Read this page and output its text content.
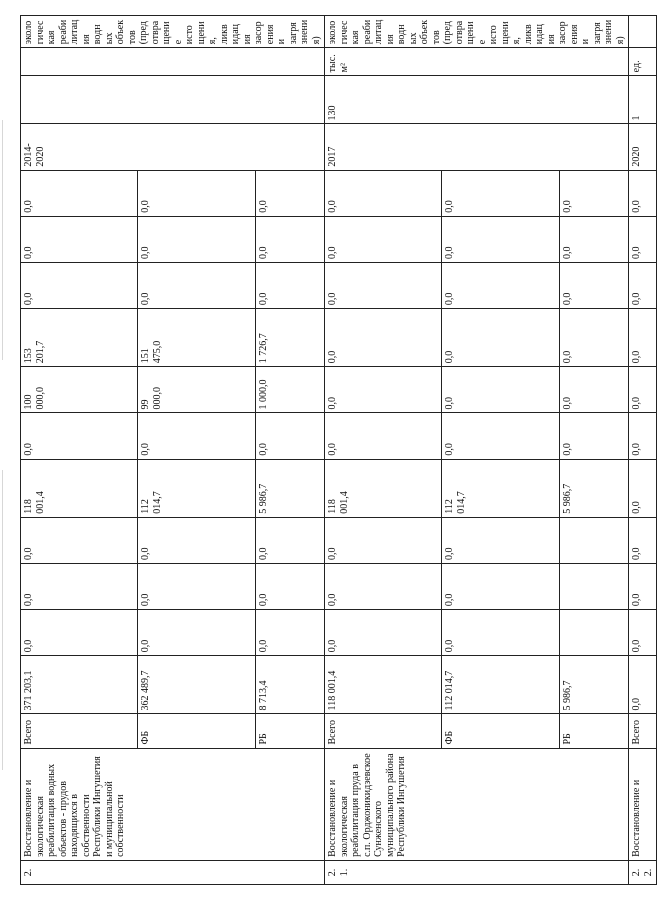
2.	Восстановление и экологическая реабилитация водных объектов - прудов находящихся в собственности Республики Ингушетия и муниципальной собственности	Всего	371 203,1	0,0	0,0	0,0	118 001,4	0,0	100 000,0	153 201,7	0,0	0,0	0,0	2014- 2020			экологическая реабилитация водных объектов (предотвращение истощения, ликвидация засорения и загрязнения)
		ФБ	362 489,7	0,0	0,0	0,0	112 014,7	0,0	99 000,0	151 475,0	0,0	0,0	0,0				
		РБ	8 713,4	0,0	0,0	0,0	5 986,7	0,0	1 000,0	1 726,7	0,0	0,0	0,0				
2. 1.	Восстановление и экологическая реабилитация пруда в с.п. Орджоникидзевское Сунженского муниципального района Республики Ингушетия	Всего	118 001,4	0,0	0,0	0,0	118 001,4	0,0	0,0	0,0	0,0	0,0	0,0	2017	130	тыс. м²	экологическая реабилитация водных объектов (предотвращение истощения, ликвидация засорения и загрязнения)
		ФБ	112 014,7	0,0	0,0	0,0	112 014,7	0,0	0,0	0,0	0,0	0,0	0,0				
		РБ	5 986,7				5 986,7	0,0	0,0	0,0	0,0	0,0	0,0				
2. 2.	Восстановление и	Всего	0,0	0,0	0,0	0,0	0,0	0,0	0,0	0,0	0,0	0,0	0,0	2020	1	ед.	
